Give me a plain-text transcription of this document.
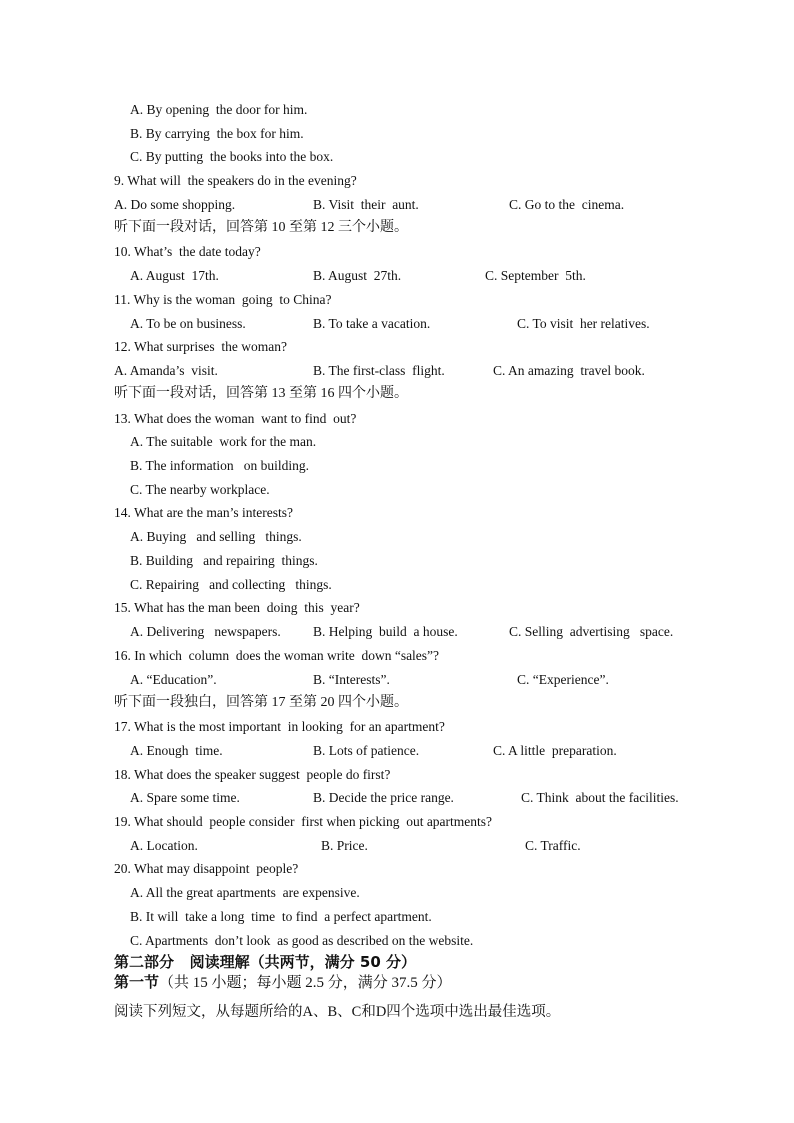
A. By opening  the door for him.
B. By carrying  the box for him.
C. By putting  the books into the box.
9. What will  the speakers do in the evening?
A. Do some shopping.	B. Visit  their  aunt.	C. Go to the  cinema.
听下面一段对话，回答第 10 至第 12 三个小题。
10. What’s  the date today?
A. August  17th.	B. August  27th.	C. September  5th.
11. Why is the woman  going  to China?
A. To be on business.	B. To take a vacation.	C. To visit  her relatives.
12. What surprises  the woman?
A. Amanda’s  visit.	B. The first-class  flight.	C. An amazing  travel book.
听下面一段对话，回答第 13 至第 16 四个小题。
13. What does the woman  want to find  out?
A. The suitable  work for the man.
B. The information   on building.
C. The nearby workplace.
14. What are the man’s interests?
A. Buying   and selling   things.
B. Building   and repairing  things.
C. Repairing   and collecting   things.
15. What has the man been  doing  this  year?
A. Delivering   newspapers. B. Helping  build  a house.	C. Selling  advertising   space.
16. In which  column  does the woman write  down “sales”?
A. “Education”.	B. “Interests”.	C. “Experience”.
听下面一段独白，回答第 17 至第 20 四个小题。
17. What is the most important  in looking  for an apartment?
A. Enough  time.	B. Lots of patience.	C. A little  preparation.
18. What does the speaker suggest  people do first?
A. Spare some time.	B. Decide the price range.	C. Think  about the facilities.
19. What should  people consider  first when picking  out apartments?
A. Location.	B. Price.	C. Traffic.
20. What may disappoint  people?
A. All the great apartments  are expensive.
B. It will  take a long  time  to find  a perfect apartment.
C. Apartments  don’t look  as good as described on the website.
第二部分   阅读理解（共两节，满分 50 分）
第一节（共 15 小题；每小题 2.5 分，满分 37.5 分）
阅读下列短文，从每题所给的A、B、C和D四个选项中选出最佳选项。
